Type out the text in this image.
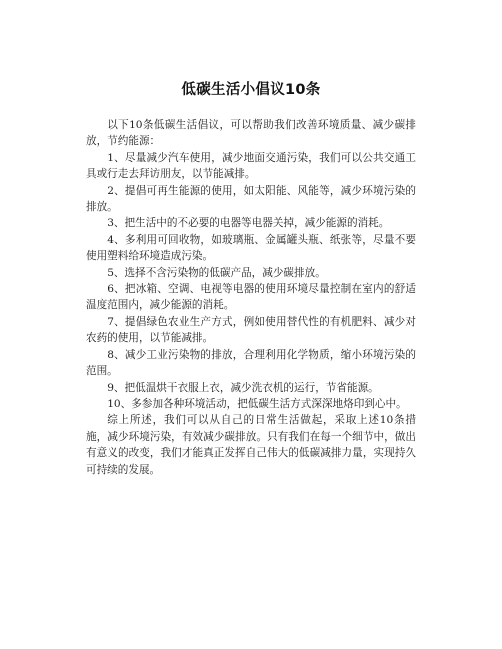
低碳生活小倡议10条

以下10条低碳生活倡议，可以帮助我们改善环境质量、减少碳排放，节约能源：

1、尽量减少汽车使用，减少地面交通污染，我们可以公共交通工具或行走去拜访朋友，以节能减排。

2、提倡可再生能源的使用，如太阳能、风能等，减少环境污染的排放。

3、把生活中的不必要的电器等电器关掉，减少能源的消耗。

4、多利用可回收物，如玻璃瓶、金属罐头瓶、纸张等，尽量不要使用塑料给环境造成污染。

5、选择不含污染物的低碳产品，减少碳排放。

6、把冰箱、空调、电视等电器的使用环境尽量控制在室内的舒适温度范围内，减少能源的消耗。

7、提倡绿色农业生产方式，例如使用替代性的有机肥料、减少对农药的使用，以节能减排。

8、减少工业污染物的排放，合理利用化学物质，缩小环境污染的范围。

9、把低温烘干衣服上衣，减少洗衣机的运行，节省能源。

10、多参加各种环境活动，把低碳生活方式深深地烙印到心中。

综上所述，我们可以从自己的日常生活做起，采取上述10条措施，减少环境污染，有效减少碳排放。只有我们在每一个细节中，做出有意义的改变，我们才能真正发挥自己伟大的低碳减排力量，实现持久可持续的发展。
